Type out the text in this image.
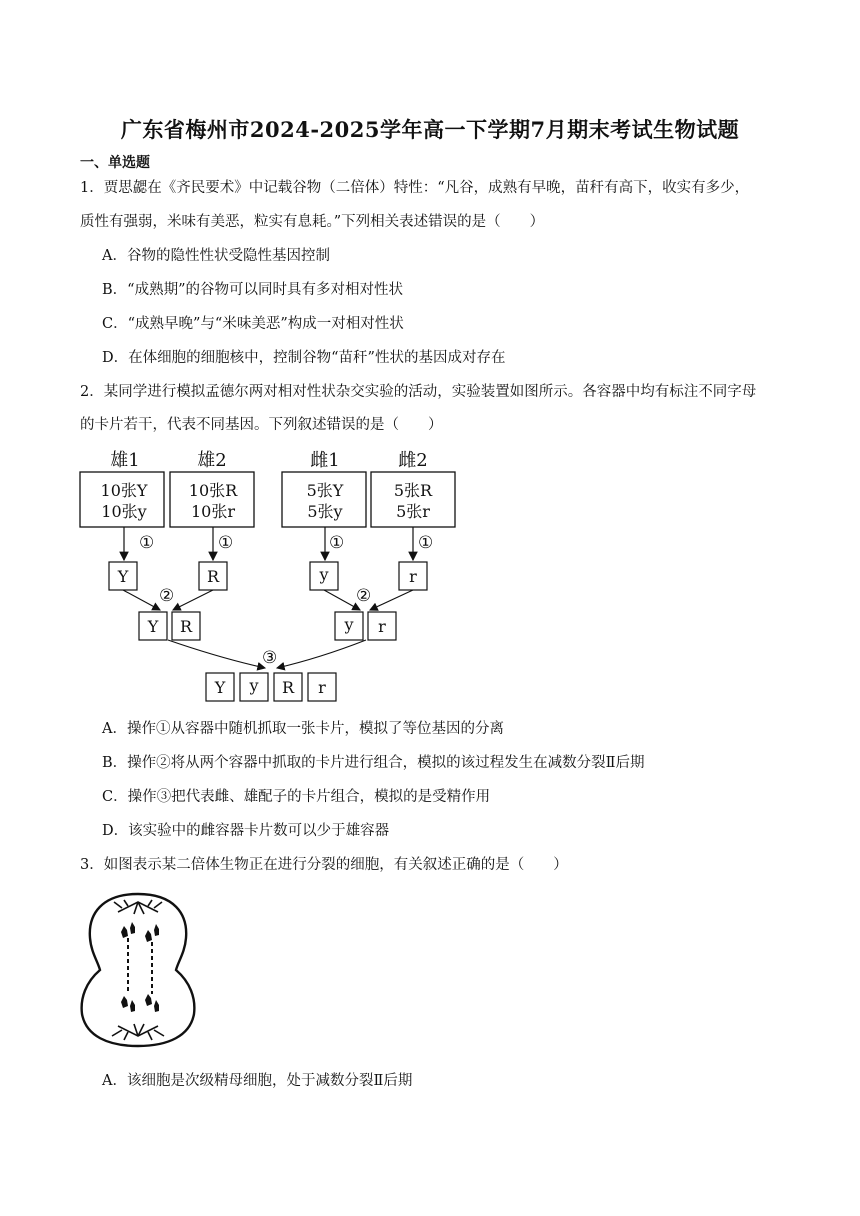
广东省梅州市2024-2025学年高一下学期7月期末考试生物试题
一、单选题
1．贾思勰在《齐民要术》中记载谷物（二倍体）特性：“凡谷，成熟有早晚，苗秆有高下，收实有多少，
质性有强弱，米味有美恶，粒实有息耗。”下列相关表述错误的是（　　）
A．谷物的隐性性状受隐性基因控制
B．“成熟期”的谷物可以同时具有多对相对性状
C．“成熟早晚”与“米味美恶”构成一对相对性状
D．在体细胞的细胞核中，控制谷物“苗秆”性状的基因成对存在
2．某同学进行模拟孟德尔两对相对性状杂交实验的活动，实验装置如图所示。各容器中均有标注不同字母
的卡片若干，代表不同基因。下列叙述错误的是（　　）
雄1	雄2	雌1	雌2
10张Y
10张y
10张R
10张r
5张Y
5张y
5张R
5张r
①	①	①	①
Y	R	y	r
②	②
Y R	y r
③
Y y R r
A．操作①从容器中随机抓取一张卡片，模拟了等位基因的分离
B．操作②将从两个容器中抓取的卡片进行组合，模拟的该过程发生在减数分裂Ⅱ后期
C．操作③把代表雌、雄配子的卡片组合，模拟的是受精作用
D．该实验中的雌容器卡片数可以少于雄容器
3．如图表示某二倍体生物正在进行分裂的细胞，有关叙述正确的是（　　）
A．该细胞是次级精母细胞，处于减数分裂Ⅱ后期
